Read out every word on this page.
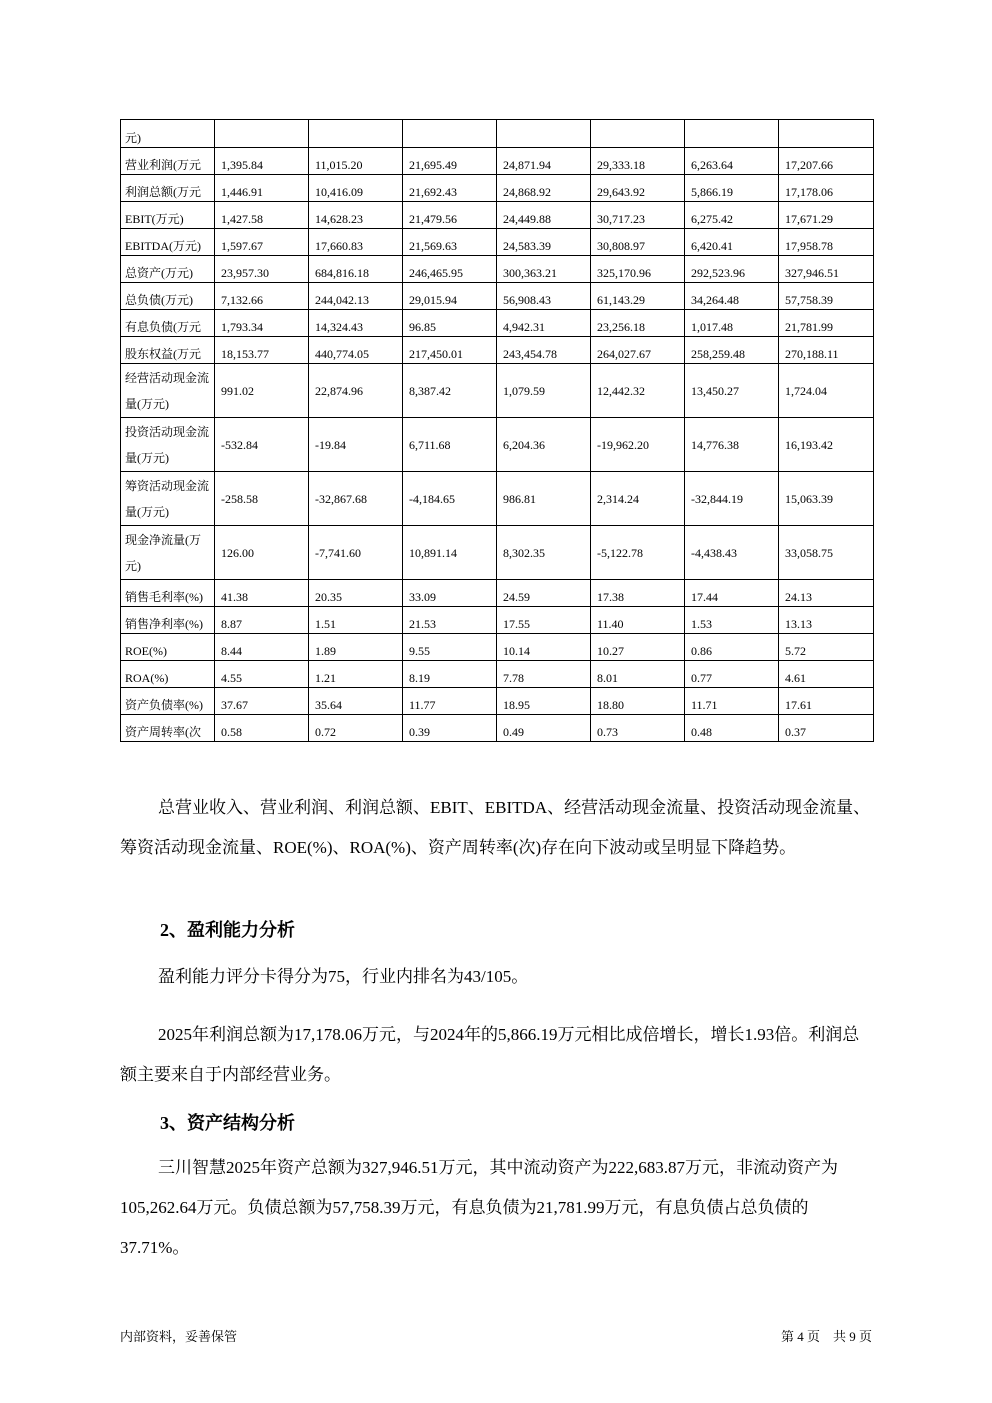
元)							
营业利润(万元	1,395.84	11,015.20	21,695.49	24,871.94	29,333.18	6,263.64	17,207.66
利润总额(万元	1,446.91	10,416.09	21,692.43	24,868.92	29,643.92	5,866.19	17,178.06
EBIT(万元)	1,427.58	14,628.23	21,479.56	24,449.88	30,717.23	6,275.42	17,671.29
EBITDA(万元)	1,597.67	17,660.83	21,569.63	24,583.39	30,808.97	6,420.41	17,958.78
总资产(万元)	23,957.30	684,816.18	246,465.95	300,363.21	325,170.96	292,523.96	327,946.51
总负债(万元)	7,132.66	244,042.13	29,015.94	56,908.43	61,143.29	34,264.48	57,758.39
有息负债(万元	1,793.34	14,324.43	96.85	4,942.31	23,256.18	1,017.48	21,781.99
股东权益(万元	18,153.77	440,774.05	217,450.01	243,454.78	264,027.67	258,259.48	270,188.11
经营活动现金流量(万元)	991.02	22,874.96	8,387.42	1,079.59	12,442.32	13,450.27	1,724.04
投资活动现金流量(万元)	-532.84	-19.84	6,711.68	6,204.36	-19,962.20	14,776.38	16,193.42
筹资活动现金流量(万元)	-258.58	-32,867.68	-4,184.65	986.81	2,314.24	-32,844.19	15,063.39
现金净流量(万元)	126.00	-7,741.60	10,891.14	8,302.35	-5,122.78	-4,438.43	33,058.75
销售毛利率(%)	41.38	20.35	33.09	24.59	17.38	17.44	24.13
销售净利率(%)	8.87	1.51	21.53	17.55	11.40	1.53	13.13
ROE(%)	8.44	1.89	9.55	10.14	10.27	0.86	5.72
ROA(%)	4.55	1.21	8.19	7.78	8.01	0.77	4.61
资产负债率(%)	37.67	35.64	11.77	18.95	18.80	11.71	17.61
资产周转率(次	0.58	0.72	0.39	0.49	0.73	0.48	0.37

总营业收入、营业利润、利润总额、EBIT、EBITDA、经营活动现金流量、投资活动现金流量、筹资活动现金流量、ROE(%)、ROA(%)、资产周转率(次)存在向下波动或呈明显下降趋势。

2、盈利能力分析

盈利能力评分卡得分为75，行业内排名为43/105。

2025年利润总额为17,178.06万元，与2024年的5,866.19万元相比成倍增长，增长1.93倍。利润总额主要来自于内部经营业务。

3、资产结构分析

三川智慧2025年资产总额为327,946.51万元，其中流动资产为222,683.87万元，非流动资产为105,262.64万元。负债总额为57,758.39万元，有息负债为21,781.99万元，有息负债占总负债的37.71%。

内部资料，妥善保管	第 4 页　共 9 页
